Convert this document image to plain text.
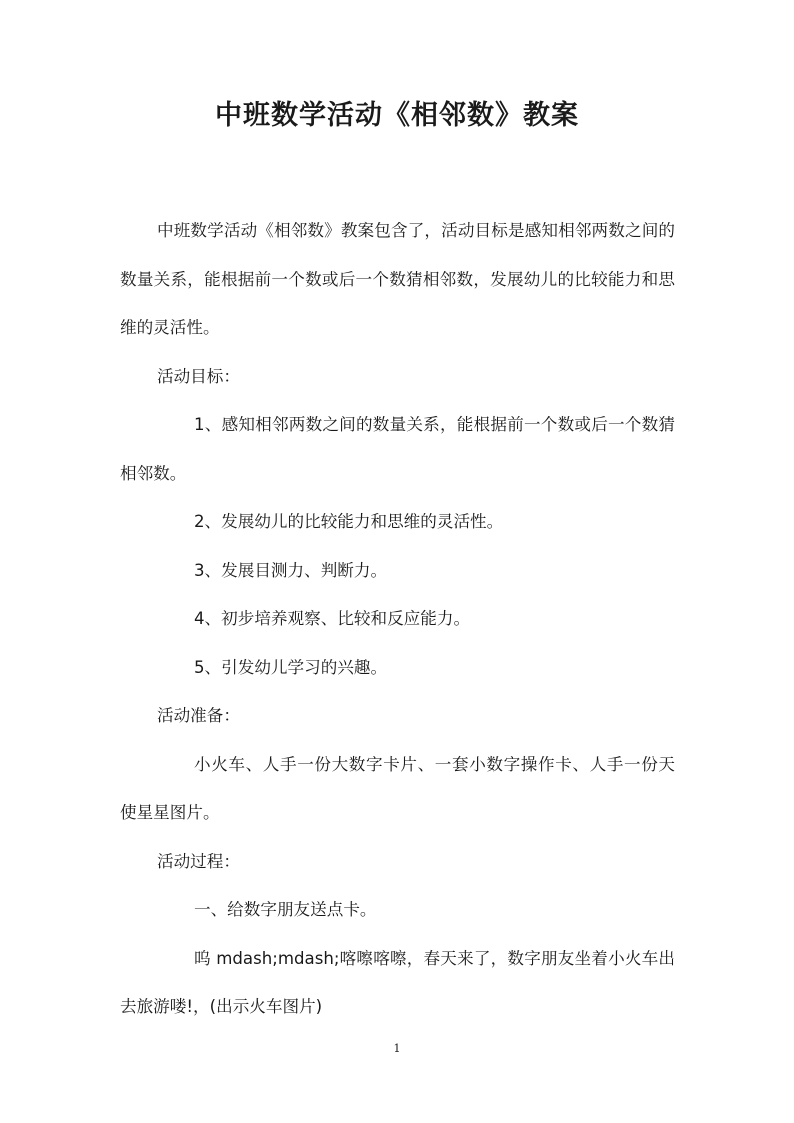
中班数学活动《相邻数》教案

中班数学活动《相邻数》教案包含了，活动目标是感知相邻两数之间的数量关系，能根据前一个数或后一个数猜相邻数，发展幼儿的比较能力和思维的灵活性。

活动目标：

1、感知相邻两数之间的数量关系，能根据前一个数或后一个数猜相邻数。

2、发展幼儿的比较能力和思维的灵活性。

3、发展目测力、判断力。

4、初步培养观察、比较和反应能力。

5、引发幼儿学习的兴趣。

活动准备：

小火车、人手一份大数字卡片、一套小数字操作卡、人手一份天使星星图片。

活动过程：

一、给数字朋友送点卡。

呜 mdash;mdash;喀嚓喀嚓，春天来了，数字朋友坐着小火车出去旅游喽!，(出示火车图片)

1
